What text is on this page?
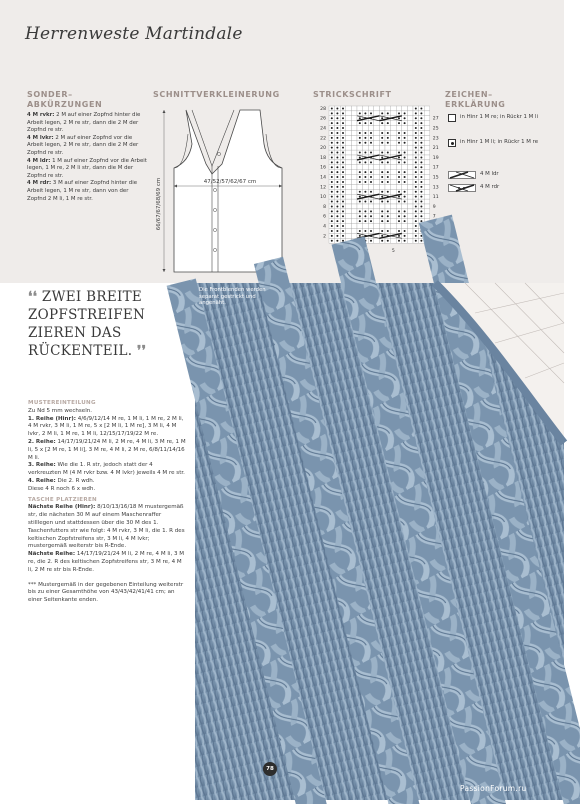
Herrenweste Martindale
SONDER–
ABKÜRZUNGEN
SCHNITTVERKLEINERUNG	STRICKSCHRIFT	ZEICHEN–
ERKLÄRUNG

4 M rvkr: 2 M auf einer Zopfnd hinter die Arbeit legen, 2 M re str, dann die 2 M der Zopfnd re str.

4 M lvkr: 2 M auf einer Zopfnd vor die Arbeit legen, 2 M re str, dann die 2 M der Zopfnd re str.

4 M ldr: 1 M auf einer Zopfnd vor die Arbeit legen, 1 M re, 2 M li str, dann die M der Zopfnd re str.

4 M rdr: 3 M auf einer Zopfnd hinter die Arbeit legen, 1 M re str, dann von der Zopfnd 2 M li, 1 M re str.

47/52/57/62/67 cm
66/67/67/68/69 cm
28
26
24
22
20
18
16
14
12
10
8
6
4
2
27
25
23
21
19
17
15
13
11
9
7
5
in Hinr 1 M re; in Rückr 1 M li
in Hinr 1 M li; in Rückr 1 M re
4 M ldr
4 M rdr
❛❛ ZWEI BREITE ZOPFSTREIFEN ZIEREN DAS RÜCKENTEIL. ❜❜
Die Frontblenden werden separat gestrickt und angenäht.

MUSTEREINTEILUNG

Zu Nd 5 mm wechseln.

1. Reihe (Hinr): 4/6/9/12/14 M re, 1 M li, 1 M re, 2 M li, 4 M rvkr, 3 M li, 1 M re, 5 x [2 M li, 1 M re], 3 M li, 4 M lvkr, 2 M li, 1 M re, 1 M li, 12/15/17/19/22 M re.

2. Reihe: 14/17/19/21/24 M li, 2 M re, 4 M li, 3 M re, 1 M li, 5 x [2 M re, 1 M li], 3 M re, 4 M li, 2 M re, 6/8/11/14/16 M li.

3. Reihe: Wie die 1. R str, jedoch statt der 4 verkreuzten M (4 M rvkr bzw. 4 M lvkr) jeweils 4 M re str.

4. Reihe: Die 2. R wdh.

Diese 4 R noch 6 x wdh.

TASCHE PLATZIEREN

Nächste Reihe (Hinr): 8/10/13/16/18 M mustergemäß str, die nächsten 30 M auf einem Maschenraffer stilllegen und stattdessen über die 30 M des 1. Taschenfutters str wie folgt: 4 M rvkr, 3 M li, die 1. R des keltischen Zopfstreifens str, 3 M li, 4 M lvkr; mustergemäß weiterstr bis R-Ende.

Nächste Reihe: 14/17/19/21/24 M li, 2 M re, 4 M li, 3 M re, die 2. R des keltischen Zopfstreifens str, 3 M re, 4 M li, 2 M re str bis R-Ende.

*** Mustergemäß in der gegebenen Einteilung weiterstr bis zu einer Gesamthöhe von 43/43/42/41/41 cm; an einer Seitenkante enden.

78
PassionForum.ru
